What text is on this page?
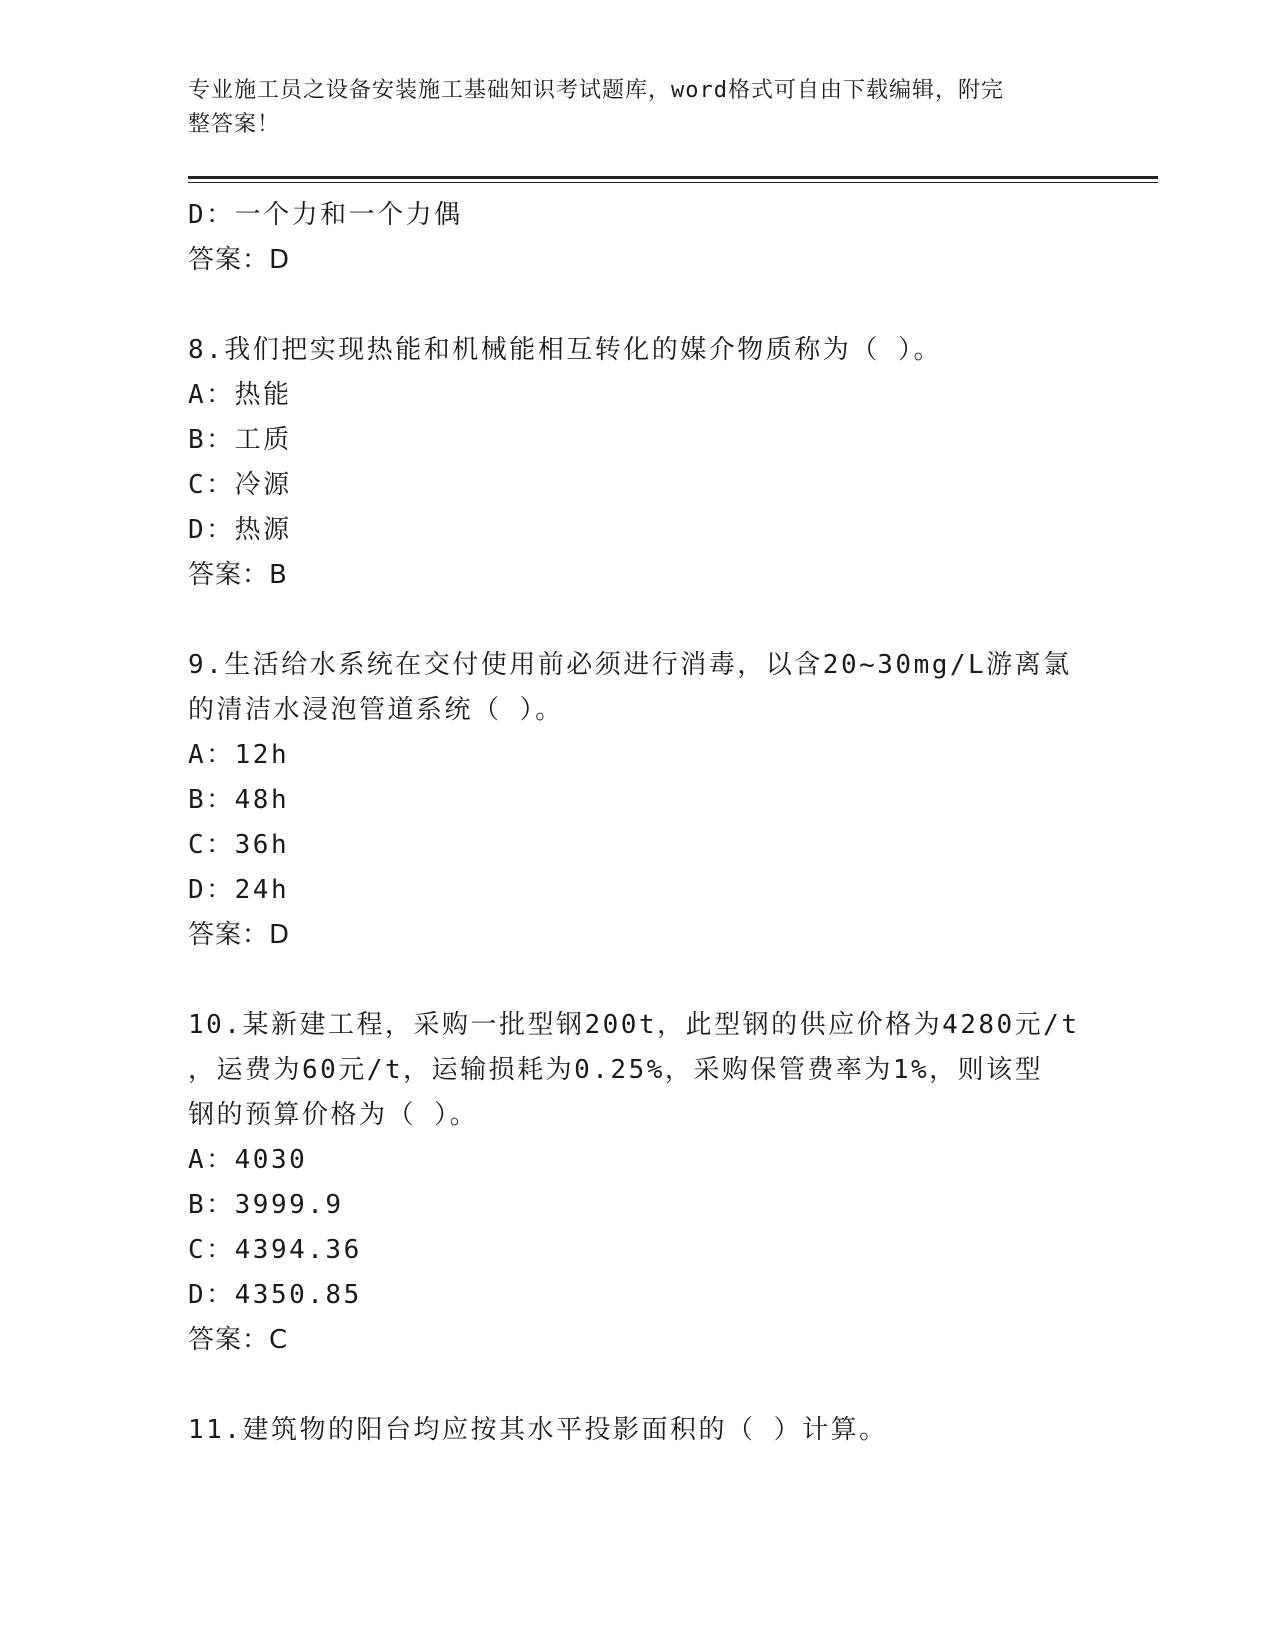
专业施工员之设备安装施工基础知识考试题库，word格式可自由下载编辑，附完
整答案！
D：一个力和一个力偶
答案：D
8.我们把实现热能和机械能相互转化的媒介物质称为（ ）。
A：热能
B：工质
C：冷源
D：热源
答案：B
9.生活给水系统在交付使用前必须进行消毒，以含20~30mg/L游离氯
的清洁水浸泡管道系统（ ）。
A：12h
B：48h
C：36h
D：24h
答案：D
10.某新建工程，采购一批型钢200t，此型钢的供应价格为4280元/t
，运费为60元/t，运输损耗为0.25%，采购保管费率为1%，则该型
钢的预算价格为（ ）。
A：4030
B：3999.9
C：4394.36
D：4350.85
答案：C
11.建筑物的阳台均应按其水平投影面积的（ ）计算。
